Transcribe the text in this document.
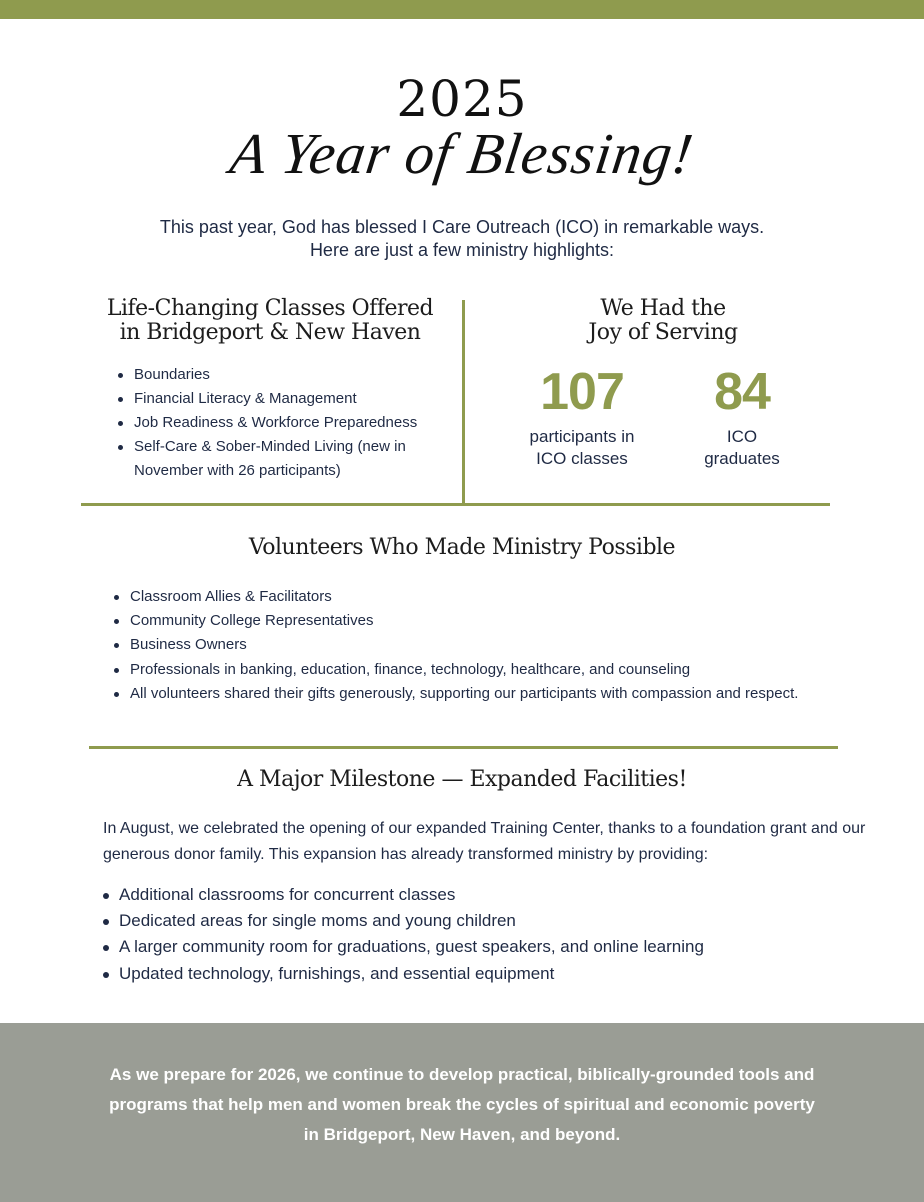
2025
A Year of Blessing!
This past year, God has blessed I Care Outreach (ICO) in remarkable ways.
Here are just a few ministry highlights:
Life-Changing Classes Offered
in Bridgeport & New Haven
Boundaries
Financial Literacy & Management
Job Readiness & Workforce Preparedness
Self-Care & Sober-Minded Living (new in November with 26 participants)
We Had the
Joy of Serving
107
participants in
ICO classes
84
ICO
graduates
Volunteers Who Made Ministry Possible
Classroom Allies & Facilitators
Community College Representatives
Business Owners
Professionals in banking, education, finance, technology, healthcare, and counseling
All volunteers shared their gifts generously, supporting our participants with compassion and respect.
A Major Milestone — Expanded Facilities!

In August, we celebrated the opening of our expanded Training Center, thanks to a foundation grant and our generous donor family. This expansion has already transformed ministry by providing:

Additional classrooms for concurrent classes
Dedicated areas for single moms and young children
A larger community room for graduations, guest speakers, and online learning
Updated technology, furnishings, and essential equipment

As we prepare for 2026, we continue to develop practical, biblically-grounded tools and programs that help men and women break the cycles of spiritual and economic poverty in Bridgeport, New Haven, and beyond.
